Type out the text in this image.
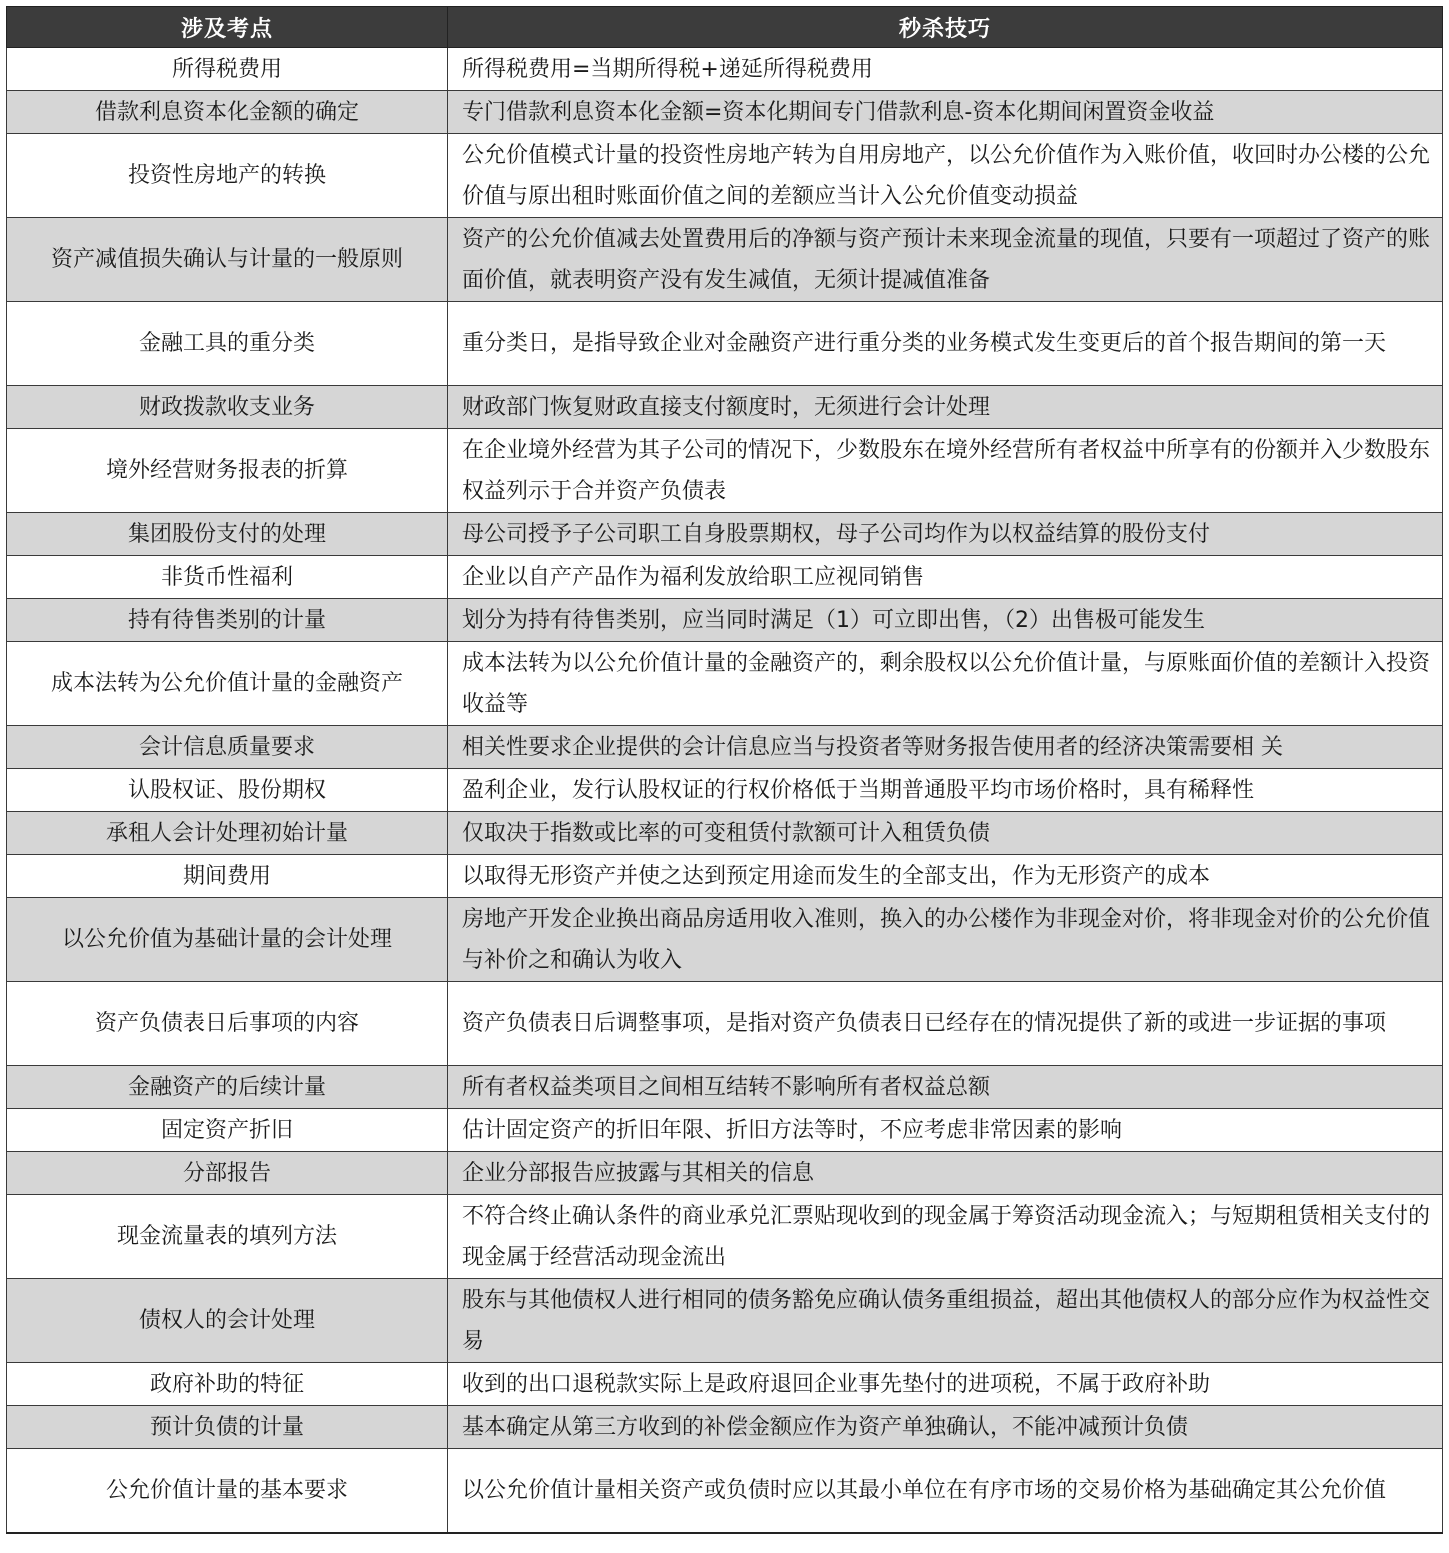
涉及考点	秒杀技巧
所得税费用	所得税费用=当期所得税+递延所得税费用
借款利息资本化金额的确定	专门借款利息资本化金额=资本化期间专门借款利息-资本化期间闲置资金收益
投资性房地产的转换	公允价值模式计量的投资性房地产转为自用房地产，以公允价值作为入账价值，收回时办公楼的公允价值与原出租时账面价值之间的差额应当计入公允价值变动损益
资产减值损失确认与计量的一般原则	资产的公允价值减去处置费用后的净额与资产预计未来现金流量的现值，只要有一项超过了资产的账面价值，就表明资产没有发生减值，无须计提减值准备
金融工具的重分类	重分类日，是指导致企业对金融资产进行重分类的业务模式发生变更后的首个报告期间的第一天
财政拨款收支业务	财政部门恢复财政直接支付额度时，无须进行会计处理
境外经营财务报表的折算	在企业境外经营为其子公司的情况下，少数股东在境外经营所有者权益中所享有的份额并入少数股东权益列示于合并资产负债表
集团股份支付的处理	母公司授予子公司职工自身股票期权，母子公司均作为以权益结算的股份支付
非货币性福利	企业以自产产品作为福利发放给职工应视同销售
持有待售类别的计量	划分为持有待售类别，应当同时满足（1）可立即出售，（2）出售极可能发生
成本法转为公允价值计量的金融资产	成本法转为以公允价值计量的金融资产的，剩余股权以公允价值计量，与原账面价值的差额计入投资收益等
会计信息质量要求	相关性要求企业提供的会计信息应当与投资者等财务报告使用者的经济决策需要相 关
认股权证、股份期权	盈利企业，发行认股权证的行权价格低于当期普通股平均市场价格时，具有稀释性
承租人会计处理初始计量	仅取决于指数或比率的可变租赁付款额可计入租赁负债
期间费用	以取得无形资产并使之达到预定用途而发生的全部支出，作为无形资产的成本
以公允价值为基础计量的会计处理	房地产开发企业换出商品房适用收入准则，换入的办公楼作为非现金对价，将非现金对价的公允价值与补价之和确认为收入
资产负债表日后事项的内容	资产负债表日后调整事项，是指对资产负债表日已经存在的情况提供了新的或进一步证据的事项
金融资产的后续计量	所有者权益类项目之间相互结转不影响所有者权益总额
固定资产折旧	估计固定资产的折旧年限、折旧方法等时，不应考虑非常因素的影响
分部报告	企业分部报告应披露与其相关的信息
现金流量表的填列方法	不符合终止确认条件的商业承兑汇票贴现收到的现金属于筹资活动现金流入；与短期租赁相关支付的现金属于经营活动现金流出
债权人的会计处理	股东与其他债权人进行相同的债务豁免应确认债务重组损益，超出其他债权人的部分应作为权益性交易
政府补助的特征	收到的出口退税款实际上是政府退回企业事先垫付的进项税，不属于政府补助
预计负债的计量	基本确定从第三方收到的补偿金额应作为资产单独确认，不能冲减预计负债
公允价值计量的基本要求	以公允价值计量相关资产或负债时应以其最小单位在有序市场的交易价格为基础确定其公允价值
